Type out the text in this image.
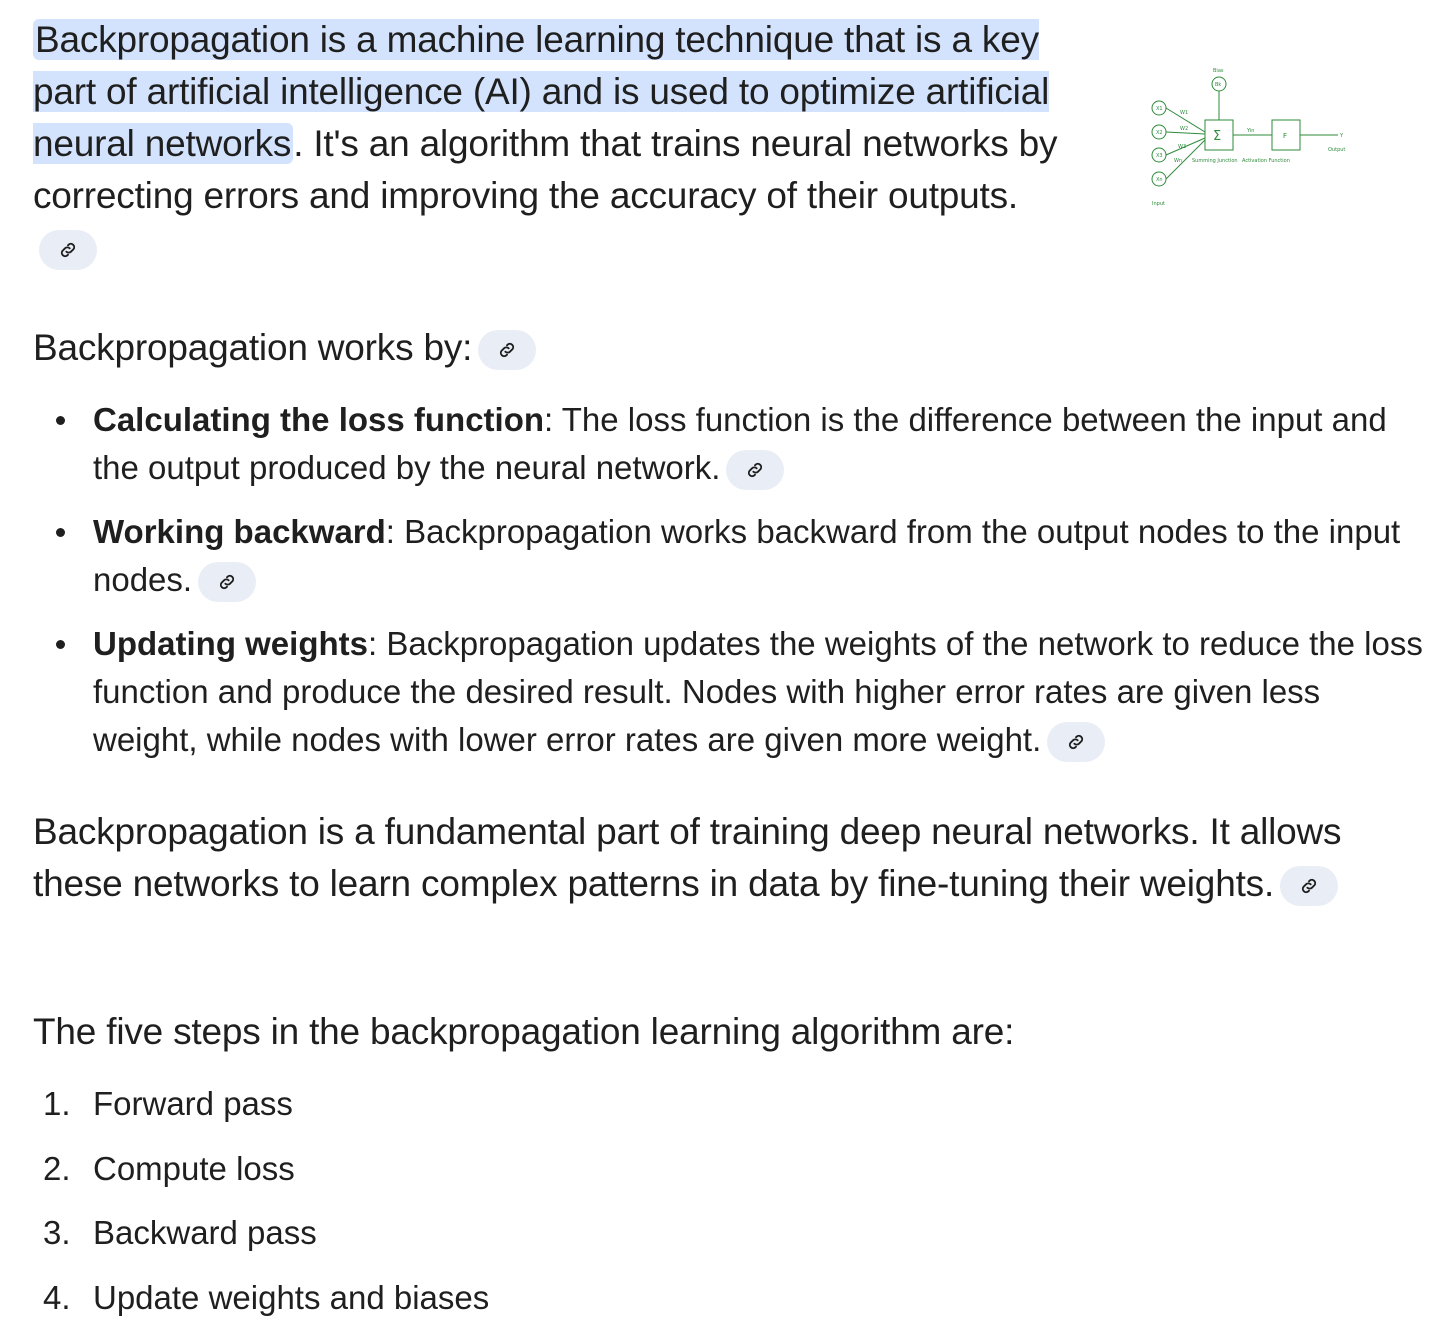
Backpropagation is a machine learning technique that is a key part of artificial intelligence (AI) and is used to optimize artificial neural networks. It's an algorithm that trains neural networks by correcting errors and improving the accuracy of their outputs.

X1
X2
X3
Xn
W1
W2
W3
Wn
Bias
Bk
Yin
Y
Output
Summing Junction Activation Function
Input
Σ	F
Backpropagation works by:
Calculating the loss function: The loss function is the difference between the input and the output produced by the neural network.
Working backward: Backpropagation works backward from the output nodes to the input nodes.
Updating weights: Backpropagation updates the weights of the network to reduce the loss function and produce the desired result. Nodes with higher error rates are given less weight, while nodes with lower error rates are given more weight.

Backpropagation is a fundamental part of training deep neural networks. It allows these networks to learn complex patterns in data by fine-tuning their weights.

The five steps in the backpropagation learning algorithm are:
1. Forward pass
2. Compute loss
3. Backward pass
4. Update weights and biases
